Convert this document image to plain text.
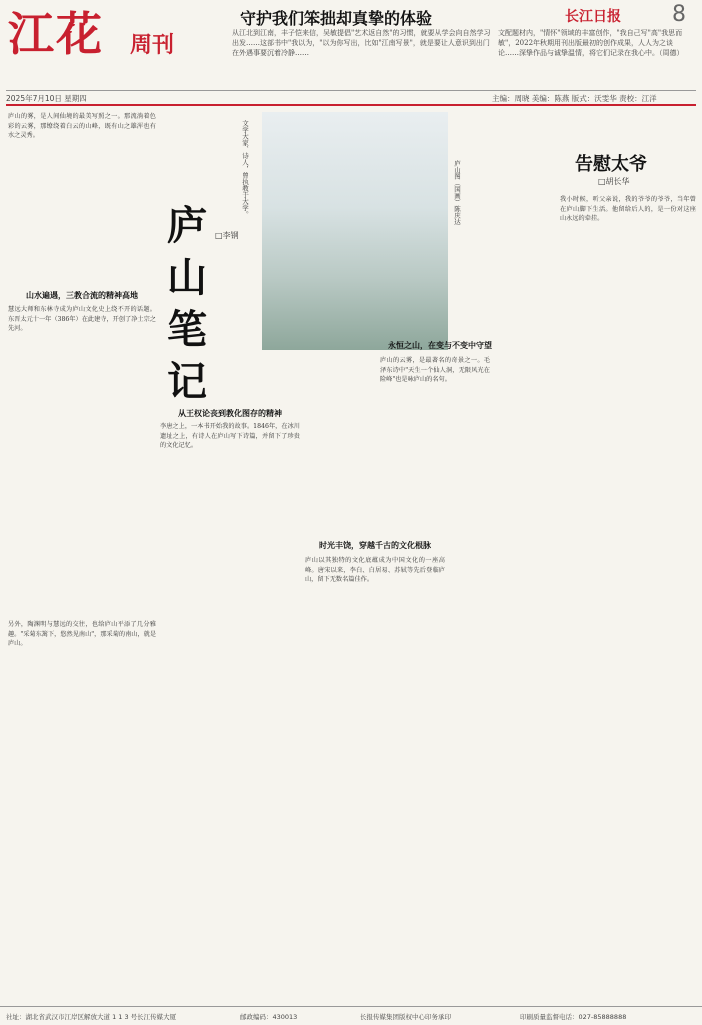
江花 周刊
守护我们笨拙却真挚的体验	长江日报 8
从江北到江南，丰子恺来信，吴敏提倡"艺术返自然"的习惯，就要从学会向自然学习出发……这部书中"我以为，"以为你写出，比如"江南写景"，就是要让人意识到出门在外遇事要沉着冷静……
文配题材内，"情怀"领域的丰富创作，"我自己写"高"我思而敏"，2022年秋期用刊出版最初的创作成果，人人为之谈论……深挚作品与诚挚温情，将它们记录在我心中。（周德）
2025年7月10日 星期四	主编：周晓 美编：陈燕 版式：沃雯华 责校：江洋
庐山的雾，是人间仙境的最美写照之一。那流淌着色彩的云雾，那缭绕着白云的山峰，既有山之雄浑也有水之灵秀。
山水遍遇，三教合流的精神高地
慧远大师和东林寺成为庐山文化史上绕不开的话题。东晋太元十一年（386年）在此建寺，开创了净土宗之先河。
另外，陶渊明与慧远的交往，也给庐山平添了几分雅趣。"采菊东篱下，悠然见南山"，那采菊的南山，就是庐山。
庐山笔记
□李钢
文学大家、诗人，曾执教于大学。
从王权论丧到教化图存的精神
李唐之上，一本书开始我的故事。1846年，在冰川遗址之上，有诗人在庐山写下诗篇，并留下了珍贵的文化记忆。
时光丰饶，穿越千古的文化根脉
庐山以其独特的文化底蕴成为中国文化的一座高峰。唐宋以来，李白、白居易、苏轼等先后登临庐山，留下无数名篇佳作。
庐山图（国画）陈庆达
永恒之山，在变与不变中守望
庐山的云雾，是最著名的奇景之一。毛泽东诗中"天生一个仙人洞，无限风光在险峰"也是咏庐山的名句。
告慰太爷
□胡长华
我小时候，听父亲说，我的爷爷的爷爷，当年曾在庐山脚下生活。他留给后人的，是一份对这座山永远的牵挂。
社址：湖北省武汉市江岸区解放大道 1 1 3 号长江传媒大厦	邮政编码：430013	长报传媒集团版权中心印务承印	印刷质量监督电话：027-85888888
